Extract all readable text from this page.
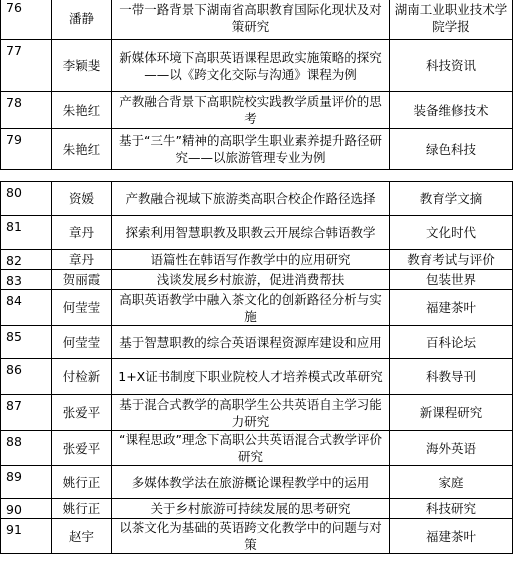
76	潘静	一带一路背景下湖南省高职教育国际化现状及对策研究	湖南工业职业技术学院学报
77	李颖斐	新媒体环境下高职英语课程思政实施策略的探究——以《跨文化交际与沟通》课程为例	科技资讯
78	朱艳红	产教融合背景下高职院校实践教学质量评价的思考	装备维修技术
79	朱艳红	基于“三牛”精神的高职学生职业素养提升路径研究——以旅游管理专业为例	绿色科技
80	资媛	产教融合视域下旅游类高职合校企作路径选择	教育学文摘
81	章丹	探索利用智慧职教及职教云开展综合韩语教学	文化时代
82	章丹	语篇性在韩语写作教学中的应用研究	教育考试与评价
83	贺丽霞	浅谈发展乡村旅游，促进消费帮扶	包装世界
84	何莹莹	高职英语教学中融入茶文化的创新路径分析与实施	福建茶叶
85	何莹莹	基于智慧职教的综合英语课程资源库建设和应用	百科论坛
86	付检新	1+X证书制度下职业院校人才培养模式改革研究	科教导刊
87	张爱平	基于混合式教学的高职学生公共英语自主学习能力研究	新课程研究
88	张爱平	“课程思政”理念下高职公共英语混合式教学评价研究	海外英语
89	姚行正	多媒体教学法在旅游概论课程教学中的运用	家庭
90	姚行正	关于乡村旅游可持续发展的思考研究	科技研究
91	赵宇	以茶文化为基础的英语跨文化教学中的问题与对策	福建茶叶
